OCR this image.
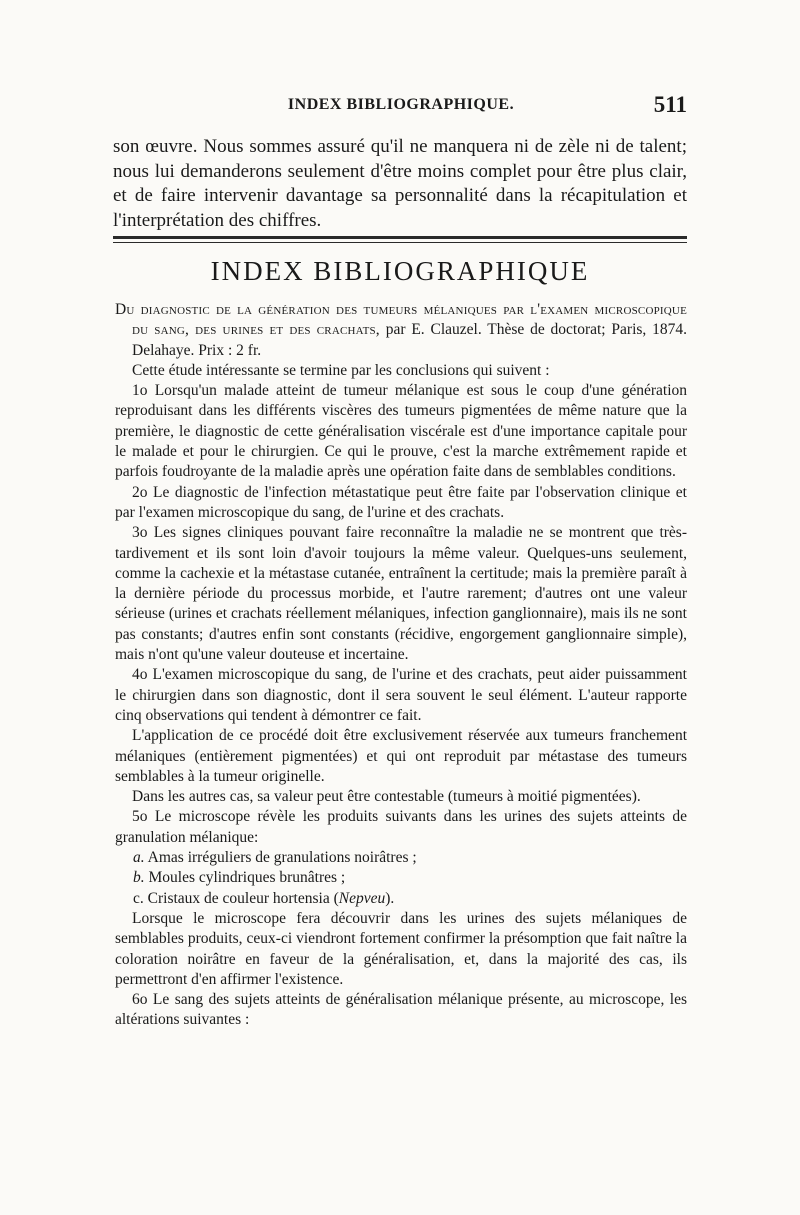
INDEX BIBLIOGRAPHIQUE.	511

son œuvre. Nous sommes assuré qu'il ne manquera ni de zèle ni de talent; nous lui demanderons seulement d'être moins complet pour être plus clair, et de faire intervenir davantage sa personnalité dans la récapitulation et l'interprétation des chiffres.

INDEX BIBLIOGRAPHIQUE

Du diagnostic de la génération des tumeurs mélaniques par l'examen microscopique du sang, des urines et des crachats, par E. Clauzel. Thèse de doctorat; Paris, 1874. Delahaye. Prix : 2 fr.

Cette étude intéressante se termine par les conclusions qui suivent :

1o Lorsqu'un malade atteint de tumeur mélanique est sous le coup d'une génération reproduisant dans les différents viscères des tumeurs pigmentées de même nature que la première, le diagnostic de cette généralisation viscérale est d'une importance capitale pour le malade et pour le chirurgien. Ce qui le prouve, c'est la marche extrêmement rapide et parfois foudroyante de la maladie après une opération faite dans de semblables conditions.

2o Le diagnostic de l'infection métastatique peut être faite par l'observation clinique et par l'examen microscopique du sang, de l'urine et des crachats.

3o Les signes cliniques pouvant faire reconnaître la maladie ne se montrent que très-tardivement et ils sont loin d'avoir toujours la même valeur. Quelques-uns seulement, comme la cachexie et la métastase cutanée, entraînent la certitude; mais la première paraît à la dernière période du processus morbide, et l'autre rarement; d'autres ont une valeur sérieuse (urines et crachats réellement mélaniques, infection ganglionnaire), mais ils ne sont pas constants; d'autres enfin sont constants (récidive, engorgement ganglionnaire simple), mais n'ont qu'une valeur douteuse et incertaine.

4o L'examen microscopique du sang, de l'urine et des crachats, peut aider puissamment le chirurgien dans son diagnostic, dont il sera souvent le seul élément. L'auteur rapporte cinq observations qui tendent à démontrer ce fait.

L'application de ce procédé doit être exclusivement réservée aux tumeurs franchement mélaniques (entièrement pigmentées) et qui ont reproduit par métastase des tumeurs semblables à la tumeur originelle.

Dans les autres cas, sa valeur peut être contestable (tumeurs à moitié pigmentées).

5o Le microscope révèle les produits suivants dans les urines des sujets atteints de granulation mélanique:

a. Amas irréguliers de granulations noirâtres ;

b. Moules cylindriques brunâtres ;

c. Cristaux de couleur hortensia (Nepveu).

Lorsque le microscope fera découvrir dans les urines des sujets mélaniques de semblables produits, ceux-ci viendront fortement confirmer la présomption que fait naître la coloration noirâtre en faveur de la généralisation, et, dans la majorité des cas, ils permettront d'en affirmer l'existence.

6o Le sang des sujets atteints de généralisation mélanique présente, au microscope, les altérations suivantes :
